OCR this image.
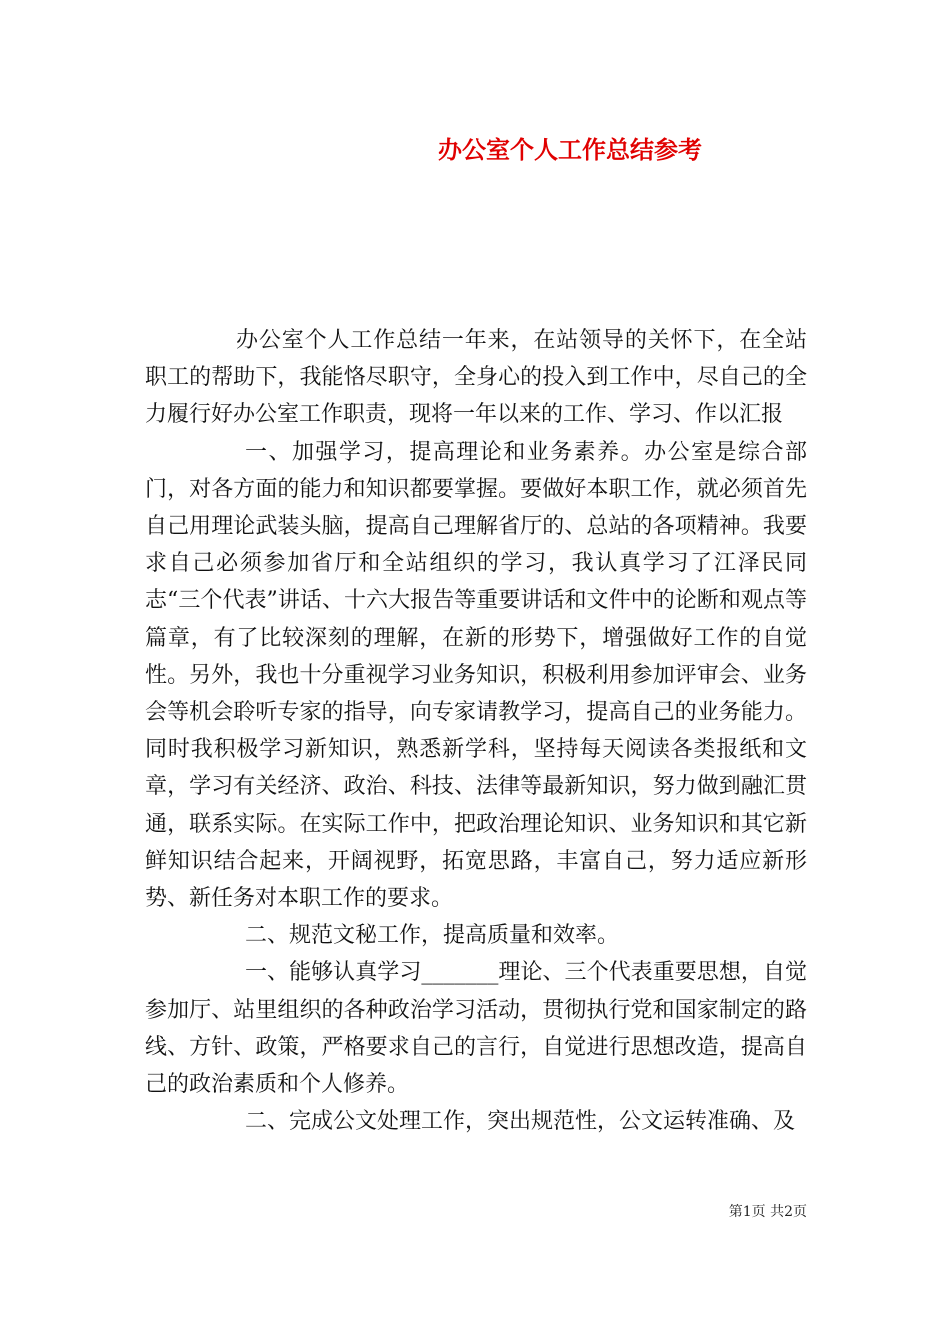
办公室个人工作总结参考

办公室个人工作总结一年来，在站领导的关怀下，在全站职工的帮助下，我能恪尽职守，全身心的投入到工作中，尽自己的全力履行好办公室工作职责，现将一年以来的工作、学习、作以汇报

一、加强学习，提高理论和业务素养。办公室是综合部门，对各方面的能力和知识都要掌握。要做好本职工作，就必须首先自己用理论武装头脑，提高自己理解省厅的、总站的各项精神。我要求自己必须参加省厅和全站组织的学习，我认真学习了江泽民同志“三个代表”讲话、十六大报告等重要讲话和文件中的论断和观点等篇章，有了比较深刻的理解，在新的形势下，增强做好工作的自觉性。另外，我也十分重视学习业务知识，积极利用参加评审会、业务会等机会聆听专家的指导，向专家请教学习，提高自己的业务能力。同时我积极学习新知识，熟悉新学科，坚持每天阅读各类报纸和文章，学习有关经济、政治、科技、法律等最新知识，努力做到融汇贯通，联系实际。在实际工作中，把政治理论知识、业务知识和其它新鲜知识结合起来，开阔视野，拓宽思路，丰富自己，努力适应新形势、新任务对本职工作的要求。

二、规范文秘工作，提高质量和效率。

一、能够认真学习_______理论、三个代表重要思想，自觉参加厅、站里组织的各种政治学习活动，贯彻执行党和国家制定的路线、方针、政策，严格要求自己的言行，自觉进行思想改造，提高自己的政治素质和个人修养。

二、完成公文处理工作，突出规范性，公文运转准确、及

第1页 共2页
